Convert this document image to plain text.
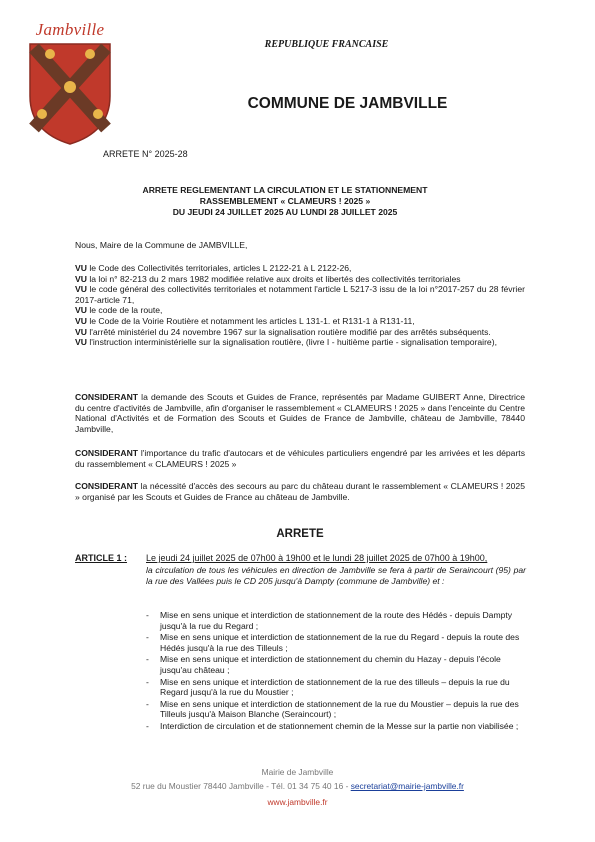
Jambville
REPUBLIQUE FRANCAISE
COMMUNE DE JAMBVILLE
ARRETE N° 2025-28
ARRETE REGLEMENTANT LA CIRCULATION ET LE STATIONNEMENT
RASSEMBLEMENT « CLAMEURS ! 2025 »
DU JEUDI 24 JUILLET 2025 AU LUNDI 28 JUILLET 2025
Nous, Maire de la Commune de JAMBVILLE,
VU le Code des Collectivités territoriales, articles L 2122-21 à L 2122-26,
VU la loi n° 82-213 du 2 mars 1982 modifiée relative aux droits et libertés des collectivités territoriales
VU le code général des collectivités territoriales et notamment l'article L 5217-3 issu de la loi n°2017-257 du 28 février 2017-article 71,
VU le code de la route,
VU le Code de la Voirie Routière et notamment les articles L 131-1. et R131-1 à R131-11,
VU l'arrêté ministériel du 24 novembre 1967 sur la signalisation routière modifié par des arrêtés subséquents.
VU l'instruction interministérielle sur la signalisation routière, (livre I - huitième partie - signalisation temporaire),
CONSIDERANT la demande des Scouts et Guides de France, représentés par Madame GUIBERT Anne, Directrice du centre d'activités de Jambville, afin d'organiser le rassemblement « CLAMEURS ! 2025 » dans l'enceinte du Centre National d'Activités et de Formation des Scouts et Guides de France de Jambville, château de Jambville, 78440 Jambville,
CONSIDERANT l'importance du trafic d'autocars et de véhicules particuliers engendré par les arrivées et les départs du rassemblement « CLAMEURS ! 2025 »
CONSIDERANT la nécessité d'accès des secours au parc du château durant le rassemblement « CLAMEURS ! 2025 » organisé par les Scouts et Guides de France au château de Jambville.
ARRETE
ARTICLE 1 : Le jeudi 24 juillet 2025 de 07h00 à 19h00 et le lundi 28 juillet 2025 de 07h00 à 19h00,
la circulation de tous les véhicules en direction de Jambville se fera à partir de Seraincourt (95) par la rue des Vallées puis le CD 205 jusqu'à Dampty (commune de Jambville) et :
- Mise en sens unique et interdiction de stationnement de la route des Hédés - depuis Dampty jusqu'à la rue du Regard ;
- Mise en sens unique et interdiction de stationnement de la rue du Regard - depuis la route des Hédés jusqu'à la rue des Tilleuls ;
- Mise en sens unique et interdiction de stationnement du chemin du Hazay - depuis l'école jusqu'au château ;
- Mise en sens unique et interdiction de stationnement de la rue des tilleuls – depuis la rue du Regard jusqu'à la rue du Moustier ;
- Mise en sens unique et interdiction de stationnement de la rue du Moustier – depuis la rue des Tilleuls jusqu'à Maison Blanche (Seraincourt) ;
- Interdiction de circulation et de stationnement chemin de la Messe sur la partie non viabilisée ;
Mairie de Jambville
52 rue du Moustier 78440 Jambville - Tél. 01 34 75 40 16 - secretariat@mairie-jambville.fr
www.jambville.fr
